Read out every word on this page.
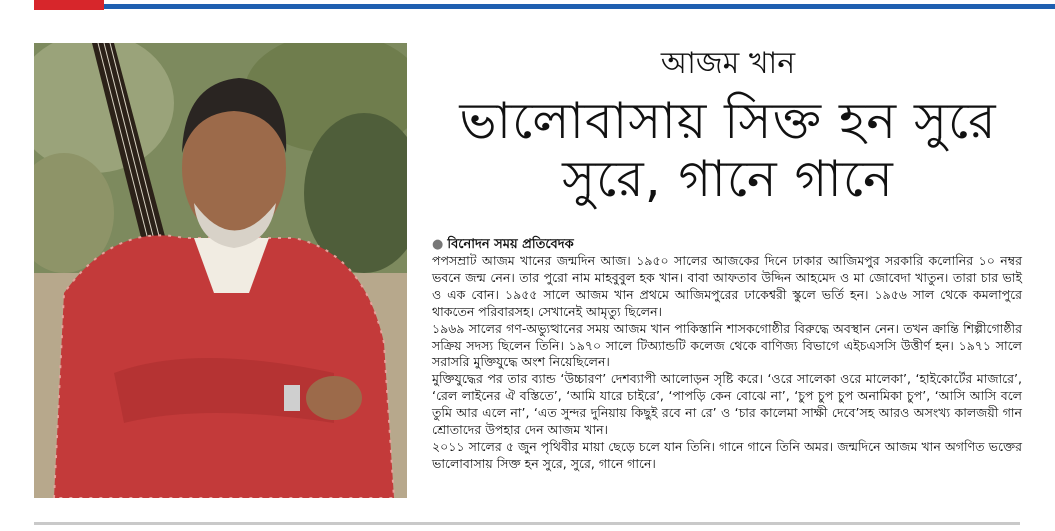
আজম খান
ভালোবাসায় সিক্ত হন সুরে
সুরে, গানে গানে
● বিনোদন সময় প্রতিবেদক

পপসম্রাট আজম খানের জন্মদিন আজ। ১৯৫০ সালের আজকের দিনে ঢাকার আজিমপুর সরকারি কলোনির ১০ নম্বর ভবনে জন্ম নেন। তার পুরো নাম মাহবুবুল হক খান। বাবা আফতাব উদ্দিন আহমেদ ও মা জোবেদা খাতুন। তারা চার ভাই ও এক বোন। ১৯৫৫ সালে আজম খান প্রথমে আজিমপুরের ঢাকেশ্বরী স্কুলে ভর্তি হন। ১৯৫৬ সাল থেকে কমলাপুরে থাকতেন পরিবারসহ। সেখানেই আমৃত্যু ছিলেন।

১৯৬৯ সালের গণ-অভ্যুত্থানের সময় আজম খান পাকিস্তানি শাসকগোষ্ঠীর বিরুদ্ধে অবস্থান নেন। তখন ক্রান্তি শিল্পীগোষ্ঠীর সক্রিয় সদস্য ছিলেন তিনি। ১৯৭০ সালে টিঅ্যান্ডটি কলেজ থেকে বাণিজ্য বিভাগে এইচএসসি উত্তীর্ণ হন। ১৯৭১ সালে সরাসরি মুক্তিযুদ্ধে অংশ নিয়েছিলেন।

মুক্তিযুদ্ধের পর তার ব্যান্ড ‘উচ্চারণ’ দেশব্যাপী আলোড়ন সৃষ্টি করে। ‘ওরে সালেকা ওরে মালেকা’, ‘হাইকোর্টের মাজারে’, ‘রেল লাইনের ঐ বস্তিতে’, ‘আমি যারে চাইরে’, ‘পাপড়ি কেন বোঝে না’, ‘চুপ চুপ চুপ অনামিকা চুপ’, ‘আসি আসি বলে তুমি আর এলে না’, ‘এত সুন্দর দুনিয়ায় কিছুই রবে না রে’ ও ‘চার কালেমা সাক্ষী দেবে’সহ আরও অসংখ্য কালজয়ী গান শ্রোতাদের উপহার দেন আজম খান।

২০১১ সালের ৫ জুন পৃথিবীর মায়া ছেড়ে চলে যান তিনি। গানে গানে তিনি অমর। জন্মদিনে আজম খান অগণিত ভক্তের ভালোবাসায় সিক্ত হন সুরে, সুরে, গানে গানে।
